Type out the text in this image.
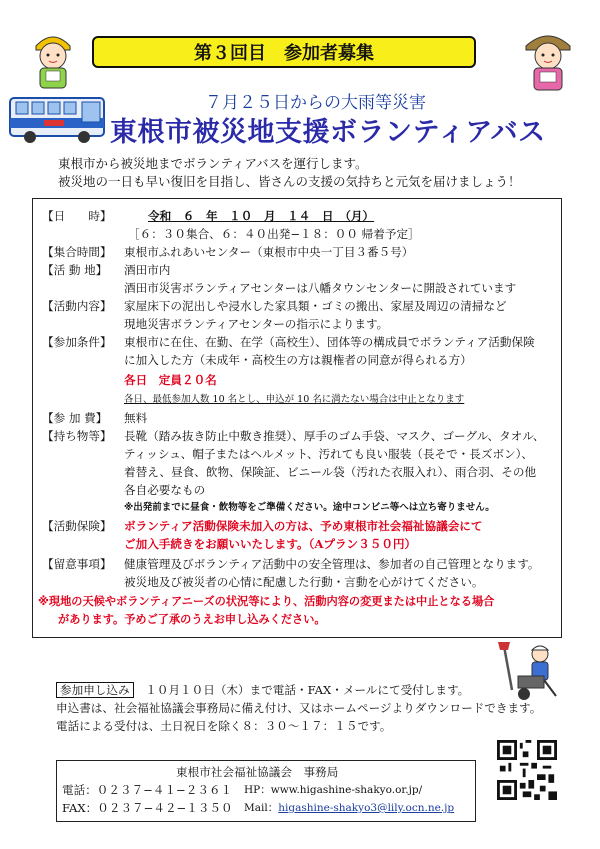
第３回目　参加者募集
７月２５日からの大雨等災害
東根市被災地支援ボランティアバス
東根市から被災地までボランティアバスを運行します。
被災地の一日も早い復旧を目指し、皆さんの支援の気持ちと元気を届けましょう！
【日　　時】	令和　６　年　１０　月　１４　日　（月）
［６：３０集合、６：４０出発−１８：００ 帰着予定］
【集合時間】 東根市ふれあいセンター（東根市中央一丁目３番５号）
【活 動 地】 酒田市内
酒田市災害ボランティアセンターは八幡タウンセンターに開設されています
【活動内容】 家屋床下の泥出しや浸水した家具類・ゴミの搬出、家屋及周辺の清掃など
現地災害ボランティアセンターの指示によります。
【参加条件】 東根市に在住、在勤、在学（高校生）、団体等の構成員でボランティア活動保険
に加入した方（未成年・高校生の方は親権者の同意が得られる方）
各日　定員２０名
各日、最低参加人数 10 名とし、申込が 10 名に満たない場合は中止となります
【参 加 費】 無料
【持ち物等】 長靴（踏み抜き防止中敷き推奨）、厚手のゴム手袋、マスク、ゴーグル、タオル、
ティッシュ、帽子またはヘルメット、汚れても良い服装（長そで・長ズボン）、
着替え、昼食、飲物、保険証、ビニール袋（汚れた衣服入れ）、雨合羽、その他
各自必要なもの
※出発前までに昼食・飲物等をご準備ください。途中コンビニ等へは立ち寄りません。
【活動保険】 ボランティア活動保険未加入の方は、予め東根市社会福祉協議会にて
ご加入手続きをお願いいたします。（Aプラン３５０円）
【留意事項】 健康管理及びボランティア活動中の安全管理は、参加者の自己管理となります。
被災地及び被災者の心情に配慮した行動・言動を心がけてください。
※現地の天候やボランティアニーズの状況等により、活動内容の変更または中止となる場合
があります。予めご了承のうえお申し込みください。
参加申し込み １０月１０日（木）まで電話・FAX・メールにて受付します。
申込書は、社会福祉協議会事務局に備え付け、又はホームページよりダウンロードできます。
電話による受付は、土日祝日を除く８：３０～１７：１５です。
東根市社会福祉協議会　事務局
電話：０２３７−４１−２３６１ HP：www.higashine-shakyo.or.jp/
FAX：０２３７−４２−１３５０ Mail：higashine-shakyo3@lily.ocn.ne.jp
